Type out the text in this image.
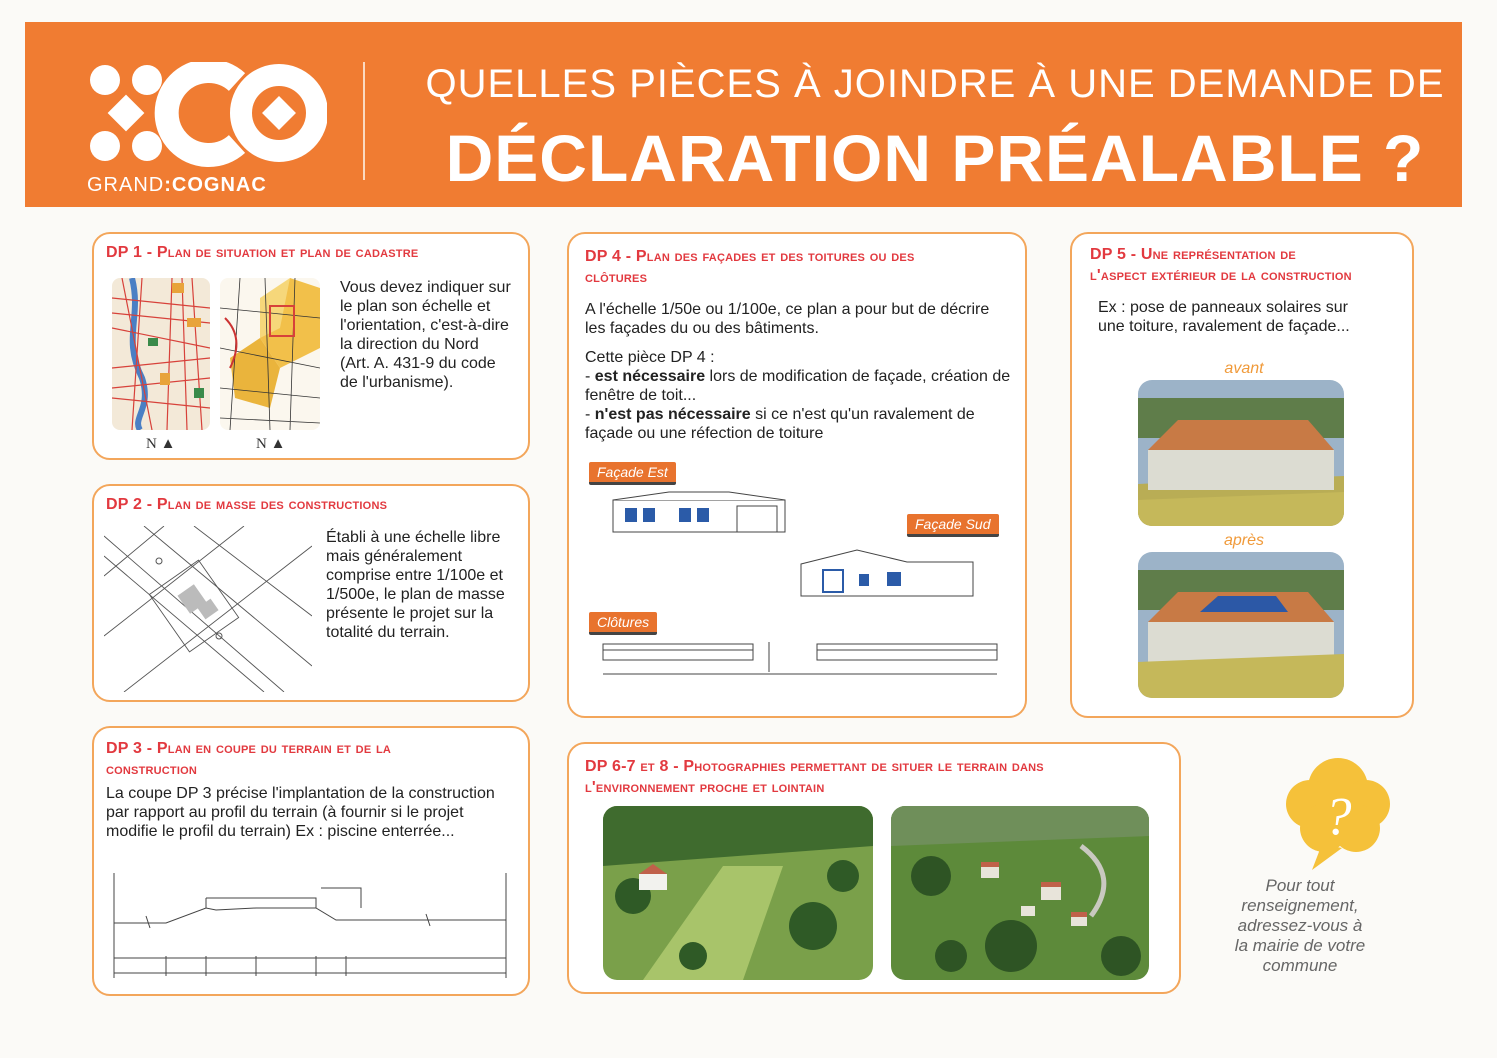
GRAND:COGNAC
QUELLES PIÈCES À JOINDRE À UNE DEMANDE DE
DÉCLARATION PRÉALABLE ?
DP 1 - Plan de situation et plan de cadastre
N ▲	N ▲
Vous devez indiquer sur le plan son échelle et l'orientation, c'est-à-dire la direction du Nord (Art. A. 431-9 du code de l'urbanisme).
DP 2 - Plan de masse des constructions
Établi à une échelle libre mais généralement comprise entre 1/100e et 1/500e, le plan de masse présente le projet sur la totalité du terrain.
DP 3 - Plan en coupe du terrain et de la
construction
La coupe DP 3 précise l'implantation de la construction par rapport au profil du terrain (à fournir si le projet modifie le profil du terrain) Ex : piscine enterrée...
DP 4 - Plan des façades et des toitures ou des
clôtures
A l'échelle 1/50e ou 1/100e, ce plan a pour but de décrire les façades du ou des bâtiments.

Cette pièce DP 4 :

- est nécessaire lors de modification de façade, création de fenêtre de toit...

- n'est pas nécessaire si ce n'est qu'un ravalement de façade ou une réfection de toiture

Façade Est
Façade Sud
Clôtures
DP 5 - Une représentation de
l'aspect extérieur de la construction
Ex : pose de panneaux solaires sur une toiture, ravalement de façade...
avant
après
DP 6-7 et 8 - Photographies permettant de situer le terrain dans
l'environnement proche et lointain	?
Pour tout renseignement, adressez-vous à la mairie de votre commune
